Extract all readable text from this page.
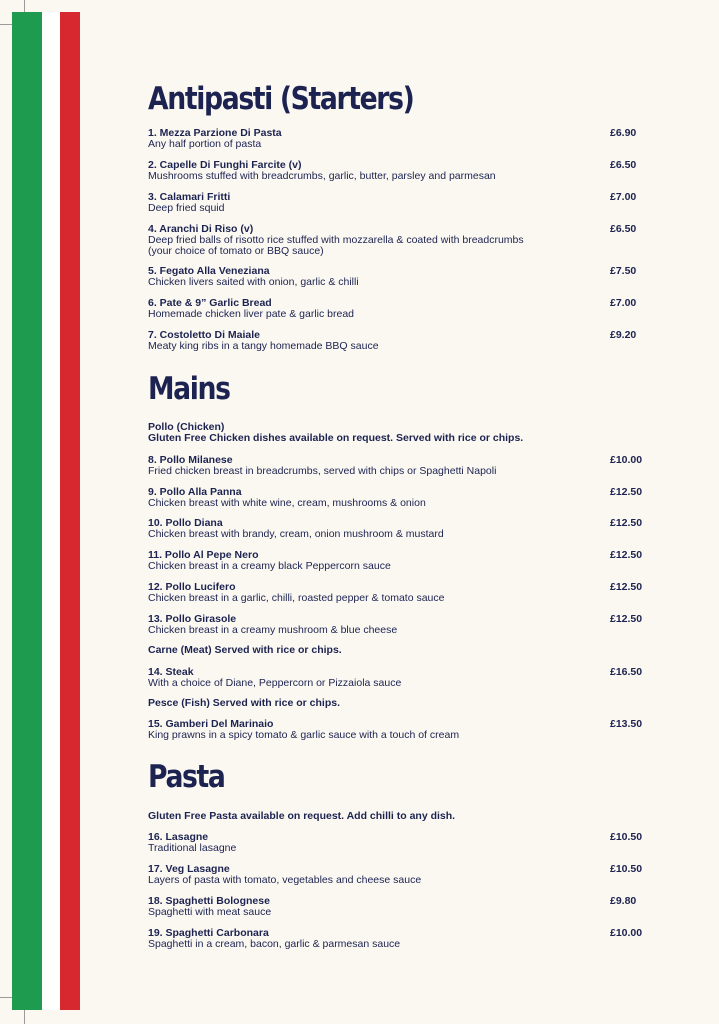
Antipasti (Starters)
1. Mezza Parzione Di Pasta
Any half portion of pasta
£6.90
2. Capelle Di Funghi Farcite (v)
Mushrooms stuffed with breadcrumbs, garlic, butter, parsley and parmesan
£6.50
3. Calamari Fritti
Deep fried squid
£7.00
4. Aranchi Di Riso (v)
Deep fried balls of risotto rice stuffed with mozzarella & coated with breadcrumbs
(your choice of tomato or BBQ sauce)
£6.50
5. Fegato Alla Veneziana
Chicken livers saited with onion, garlic & chilli
£7.50
6. Pate & 9” Garlic Bread
Homemade chicken liver pate & garlic bread
£7.00
7. Costoletto Di Maiale
Meaty king ribs in a tangy homemade BBQ sauce
£9.20
Mains
Pollo (Chicken)
Gluten Free Chicken dishes available on request. Served with rice or chips.
8. Pollo Milanese
Fried chicken breast in breadcrumbs, served with chips or Spaghetti Napoli
£10.00
9. Pollo Alla Panna
Chicken breast with white wine, cream, mushrooms & onion
£12.50
10. Pollo Diana
Chicken breast with brandy, cream, onion mushroom & mustard
£12.50
11. Pollo Al Pepe Nero
Chicken breast in a creamy black Peppercorn sauce
£12.50
12. Pollo Lucifero
Chicken breast in a garlic, chilli, roasted pepper & tomato sauce
£12.50
13. Pollo Girasole
Chicken breast in a creamy mushroom & blue cheese
£12.50
Carne (Meat) Served with rice or chips.
14. Steak
With a choice of Diane, Peppercorn or Pizzaiola sauce
£16.50
Pesce (Fish) Served with rice or chips.
15. Gamberi Del Marinaio
King prawns in a spicy tomato & garlic sauce with a touch of cream
£13.50
Pasta
Gluten Free Pasta available on request. Add chilli to any dish.
16. Lasagne
Traditional lasagne
£10.50
17. Veg Lasagne
Layers of pasta with tomato, vegetables and cheese sauce
£10.50
18. Spaghetti Bolognese
Spaghetti with meat sauce
£9.80
19. Spaghetti Carbonara
Spaghetti in a cream, bacon, garlic & parmesan sauce
£10.00
